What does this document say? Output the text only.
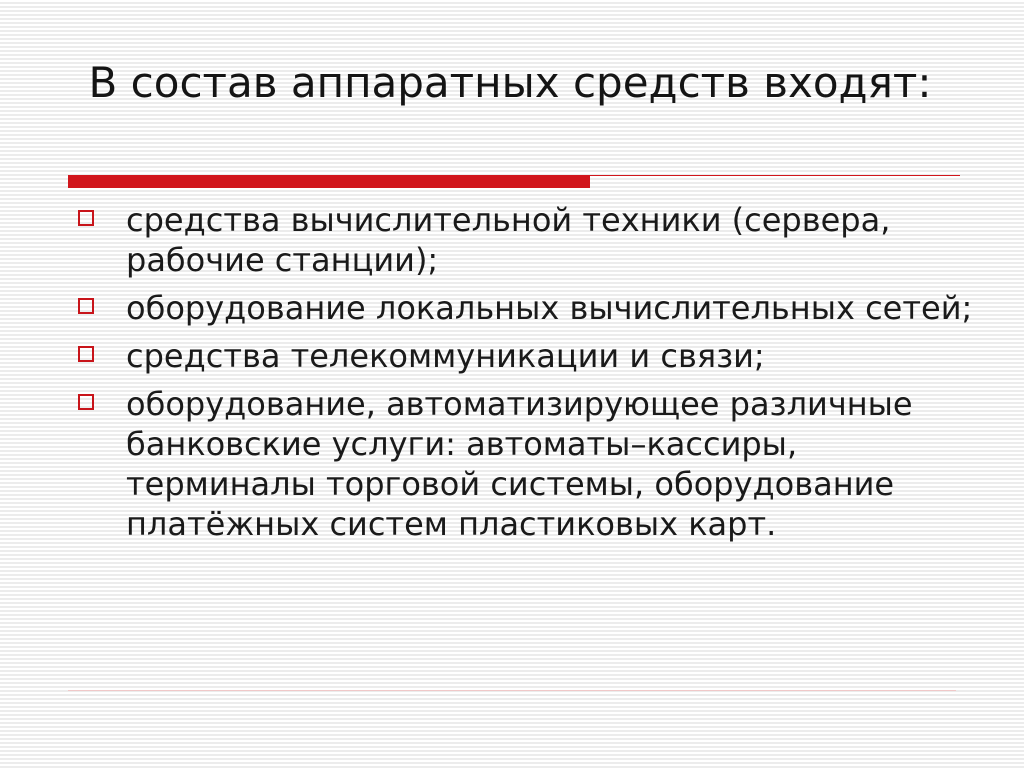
В состав аппаратных средств входят:
средства вычислительной техники (сервера, рабочие станции);
оборудование локальных вычислительных сетей;
средства телекоммуникации и связи;
оборудование, автоматизирующее различные банковские услуги: автоматы–кассиры, терминалы торговой системы, оборудование платёжных систем пластиковых карт.
